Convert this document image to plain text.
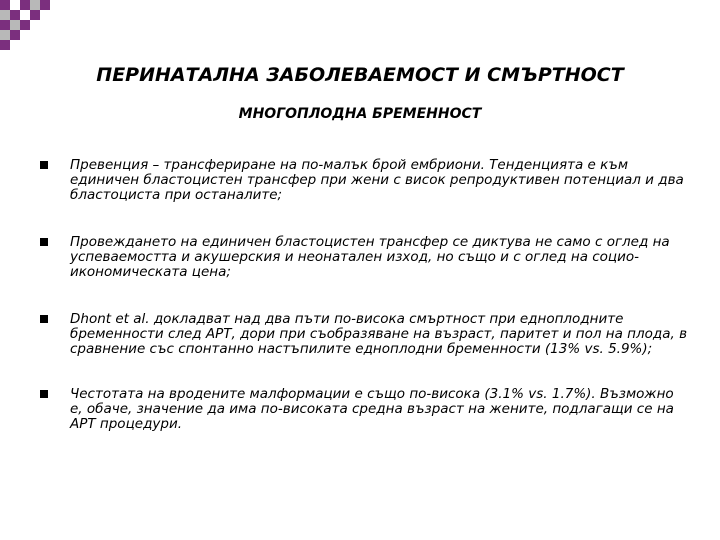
ПЕРИНАТАЛНА ЗАБОЛЕВАЕМОСТ И СМЪРТНОСТ
МНОГОПЛОДНА БРЕМЕННОСТ
Превенция – трансфериране на по-малък брой ембриони. Тенденцията е към единичен бластоцистен трансфер при жени с висок репродуктивен потенциал и два бластоциста при останалите;
Провеждането на единичен бластоцистен трансфер се диктува не само с оглед на успеваемостта и акушерския и неонатален изход, но също и с оглед на социо-икономическата цена;
Dhont et al. докладват над два пъти по-висока смъртност при едноплодните бременности след АРТ, дори при съобразяване на възраст, паритет и пол на плода, в сравнение със спонтанно настъпилите едноплодни бременности (13% vs. 5.9%);
Честотата на вродените малформации е също по-висока (3.1% vs. 1.7%). Възможно е, обаче, значение да има по-високата средна възраст на жените, подлагащи се на АРТ процедури.
